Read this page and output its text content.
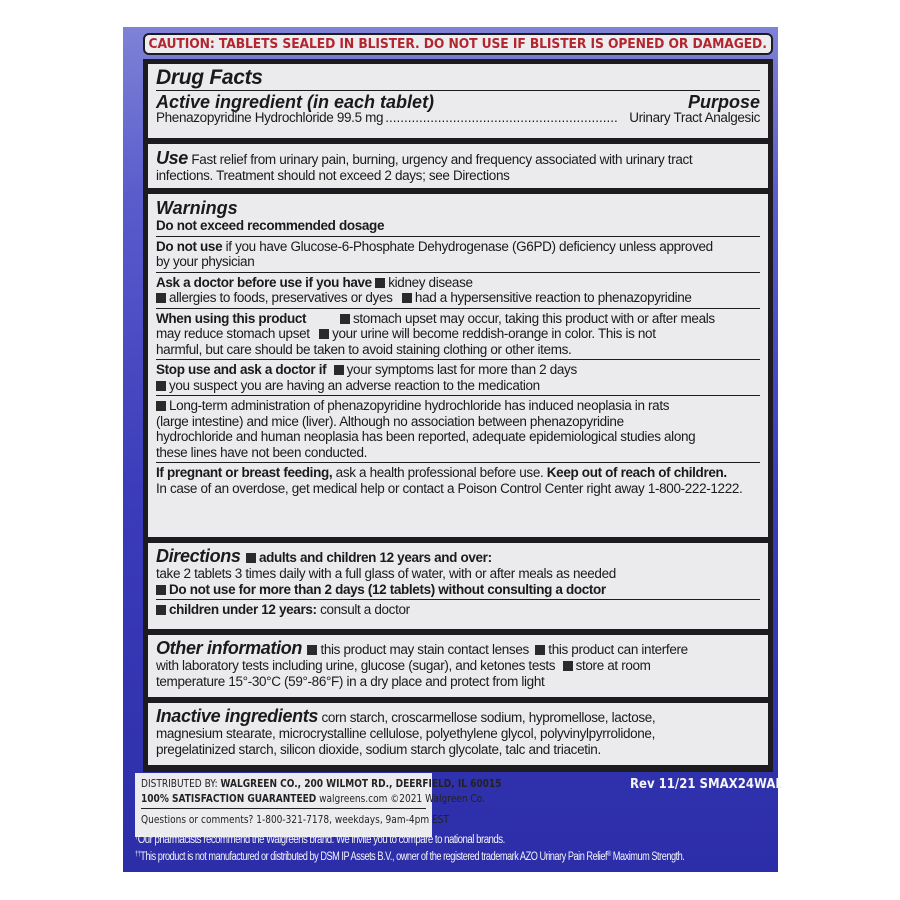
CAUTION: TABLETS SEALED IN BLISTER. DO NOT USE IF BLISTER IS OPENED OR DAMAGED.
Drug Facts
Active ingredient (in each tablet)	Purpose
Phenazopyridine Hydrochloride 99.5 mg .............................................................. Urinary Tract Analgesic
Use Fast relief from urinary pain, burning, urgency and frequency associated with urinary tract
infections. Treatment should not exceed 2 days; see Directions
Warnings
Do not exceed recommended dosage
Do not use if you have Glucose-6-Phosphate Dehydrogenase (G6PD) deficiency unless approved
by your physician
Ask a doctor before use if you have kidney disease
allergies to foods, preservatives or dyes had a hypersensitive reaction to phenazopyridine
When using this product	stomach upset may occur, taking this product with or after meals
may reduce stomach upset your urine will become reddish-orange in color. This is not
harmful, but care should be taken to avoid staining clothing or other items.
Stop use and ask a doctor if your symptoms last for more than 2 days
you suspect you are having an adverse reaction to the medication
Long-term administration of phenazopyridine hydrochloride has induced neoplasia in rats
(large intestine) and mice (liver). Although no association between phenazopyridine
hydrochloride and human neoplasia has been reported, adequate epidemiological studies along
these lines have not been conducted.
If pregnant or breast feeding, ask a health professional before use. Keep out of reach of children.
In case of an overdose, get medical help or contact a Poison Control Center right away 1-800-222-1222.
Directions adults and children 12 years and over:
take 2 tablets 3 times daily with a full glass of water, with or after meals as needed
Do not use for more than 2 days (12 tablets) without consulting a doctor
children under 12 years: consult a doctor
Other information this product may stain contact lenses this product can interfere
with laboratory tests including urine, glucose (sugar), and ketones tests store at room
temperature 15°-30°C (59°-86°F) in a dry place and protect from light
Inactive ingredients corn starch, croscarmellose sodium, hypromellose, lactose,
magnesium stearate, microcrystalline cellulose, polyethylene glycol, polyvinylpyrrolidone,
pregelatinized starch, silicon dioxide, sodium starch glycolate, talc and triacetin.
DISTRIBUTED BY: WALGREEN CO., 200 WILMOT RD., DEERFIELD, IL 60015
100% SATISFACTION GUARANTEED walgreens.com ©2021 Walgreen Co.
Questions or comments? 1-800-321-7178, weekdays, 9am-4pm EST
Rev 11/21 SMAX24WAL
†Our pharmacists recommend the Walgreens brand. We invite you to compare to national brands.
††This product is not manufactured or distributed by DSM IP Assets B.V., owner of the registered trademark AZO Urinary Pain Relief® Maximum Strength.
